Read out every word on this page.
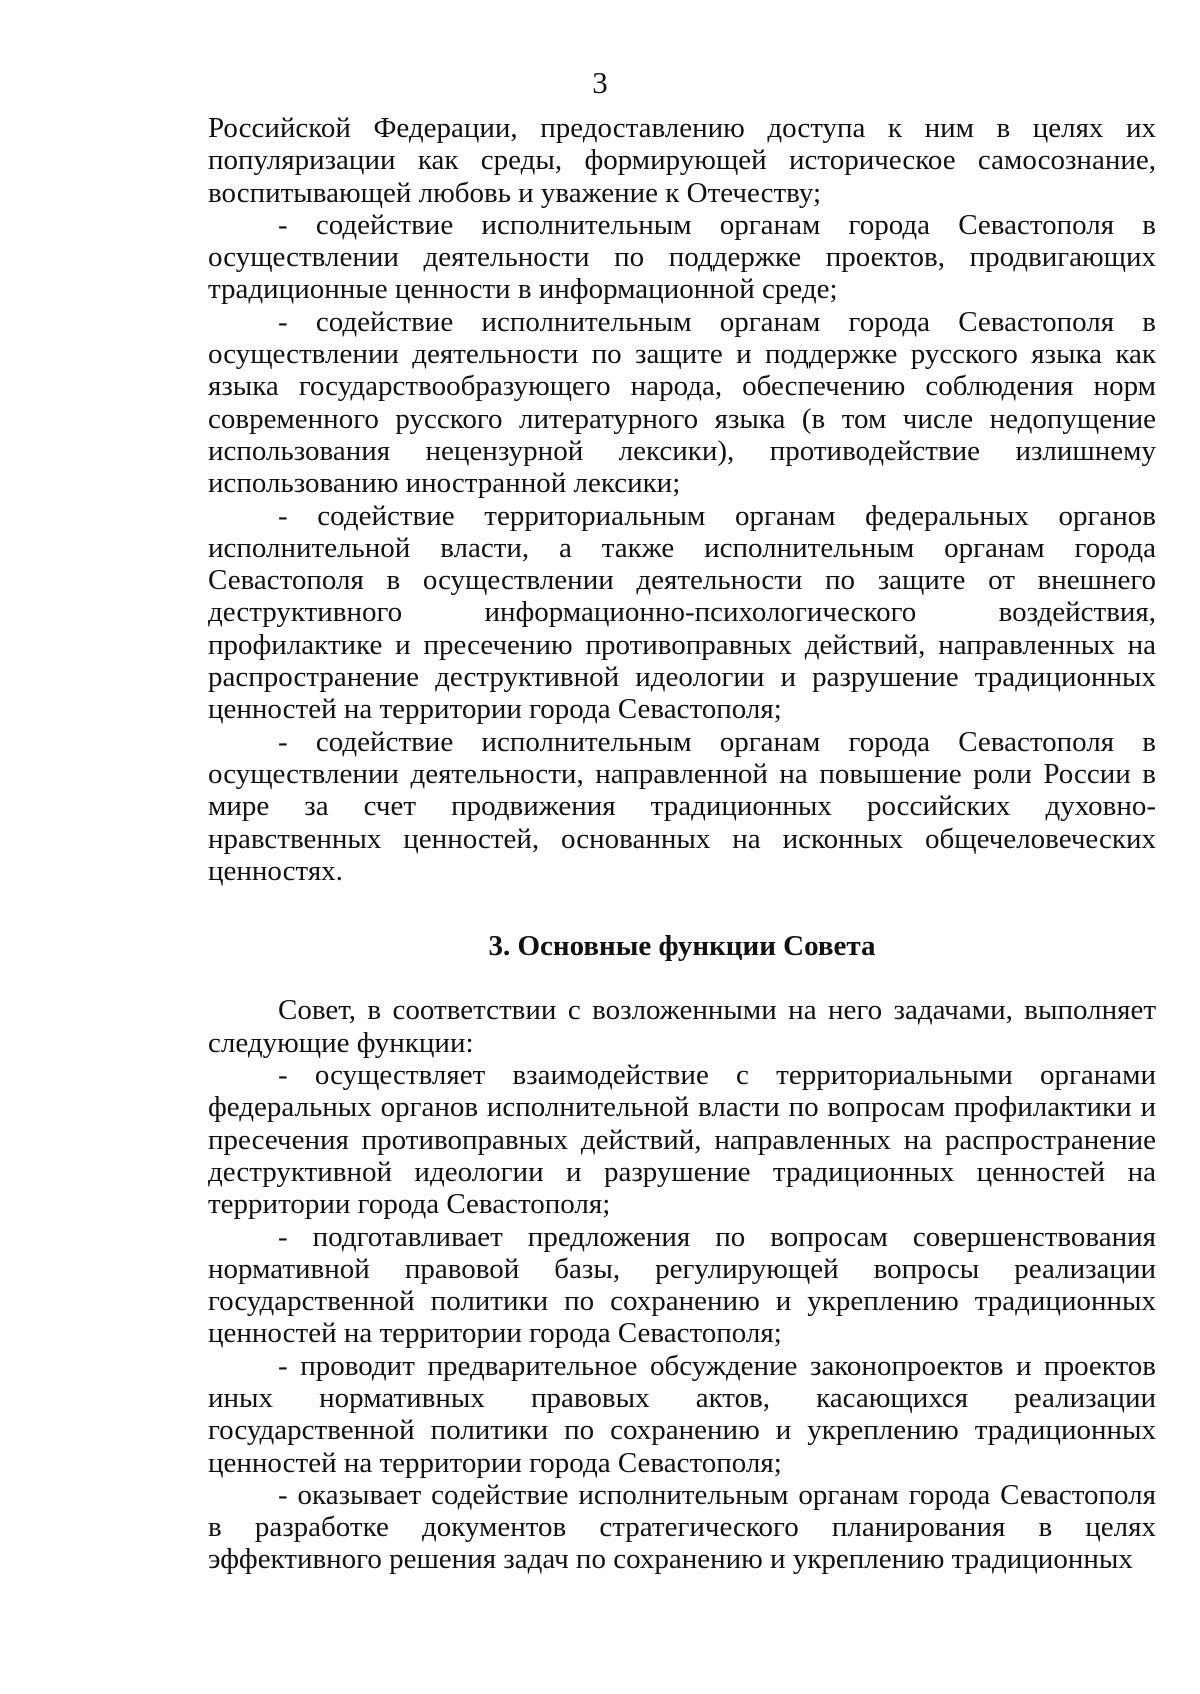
3

Российской Федерации, предоставлению доступа к ним в целях их популяризации как среды, формирующей историческое самосознание, воспитывающей любовь и уважение к Отечеству;

- содействие исполнительным органам города Севастополя в осуществлении деятельности по поддержке проектов, продвигающих традиционные ценности в информационной среде;

- содействие исполнительным органам города Севастополя в осуществлении деятельности по защите и поддержке русского языка как языка государствообразующего народа, обеспечению соблюдения норм современного русского литературного языка (в том числе недопущение использования нецензурной лексики), противодействие излишнему использованию иностранной лексики;

- содействие территориальным органам федеральных органов исполнительной власти, а также исполнительным органам города Севастополя в осуществлении деятельности по защите от внешнего деструктивного информационно-психологического воздействия, профилактике и пресечению противоправных действий, направленных на распространение деструктивной идеологии и разрушение традиционных ценностей на территории города Севастополя;

- содействие исполнительным органам города Севастополя в осуществлении деятельности, направленной на повышение роли России в мире за счет продвижения традиционных российских духовно-нравственных ценностей, основанных на исконных общечеловеческих ценностях.

3. Основные функции Совета

Совет, в соответствии с возложенными на него задачами, выполняет следующие функции:

- осуществляет взаимодействие с территориальными органами федеральных органов исполнительной власти по вопросам профилактики и пресечения противоправных действий, направленных на распространение деструктивной идеологии и разрушение традиционных ценностей на территории города Севастополя;

- подготавливает предложения по вопросам совершенствования нормативной правовой базы, регулирующей вопросы реализации государственной политики по сохранению и укреплению традиционных ценностей на территории города Севастополя;

- проводит предварительное обсуждение законопроектов и проектов иных нормативных правовых актов, касающихся реализации государственной политики по сохранению и укреплению традиционных ценностей на территории города Севастополя;

- оказывает содействие исполнительным органам города Севастополя в разработке документов стратегического планирования в целях эффективного решения задач по сохранению и укреплению традиционных
